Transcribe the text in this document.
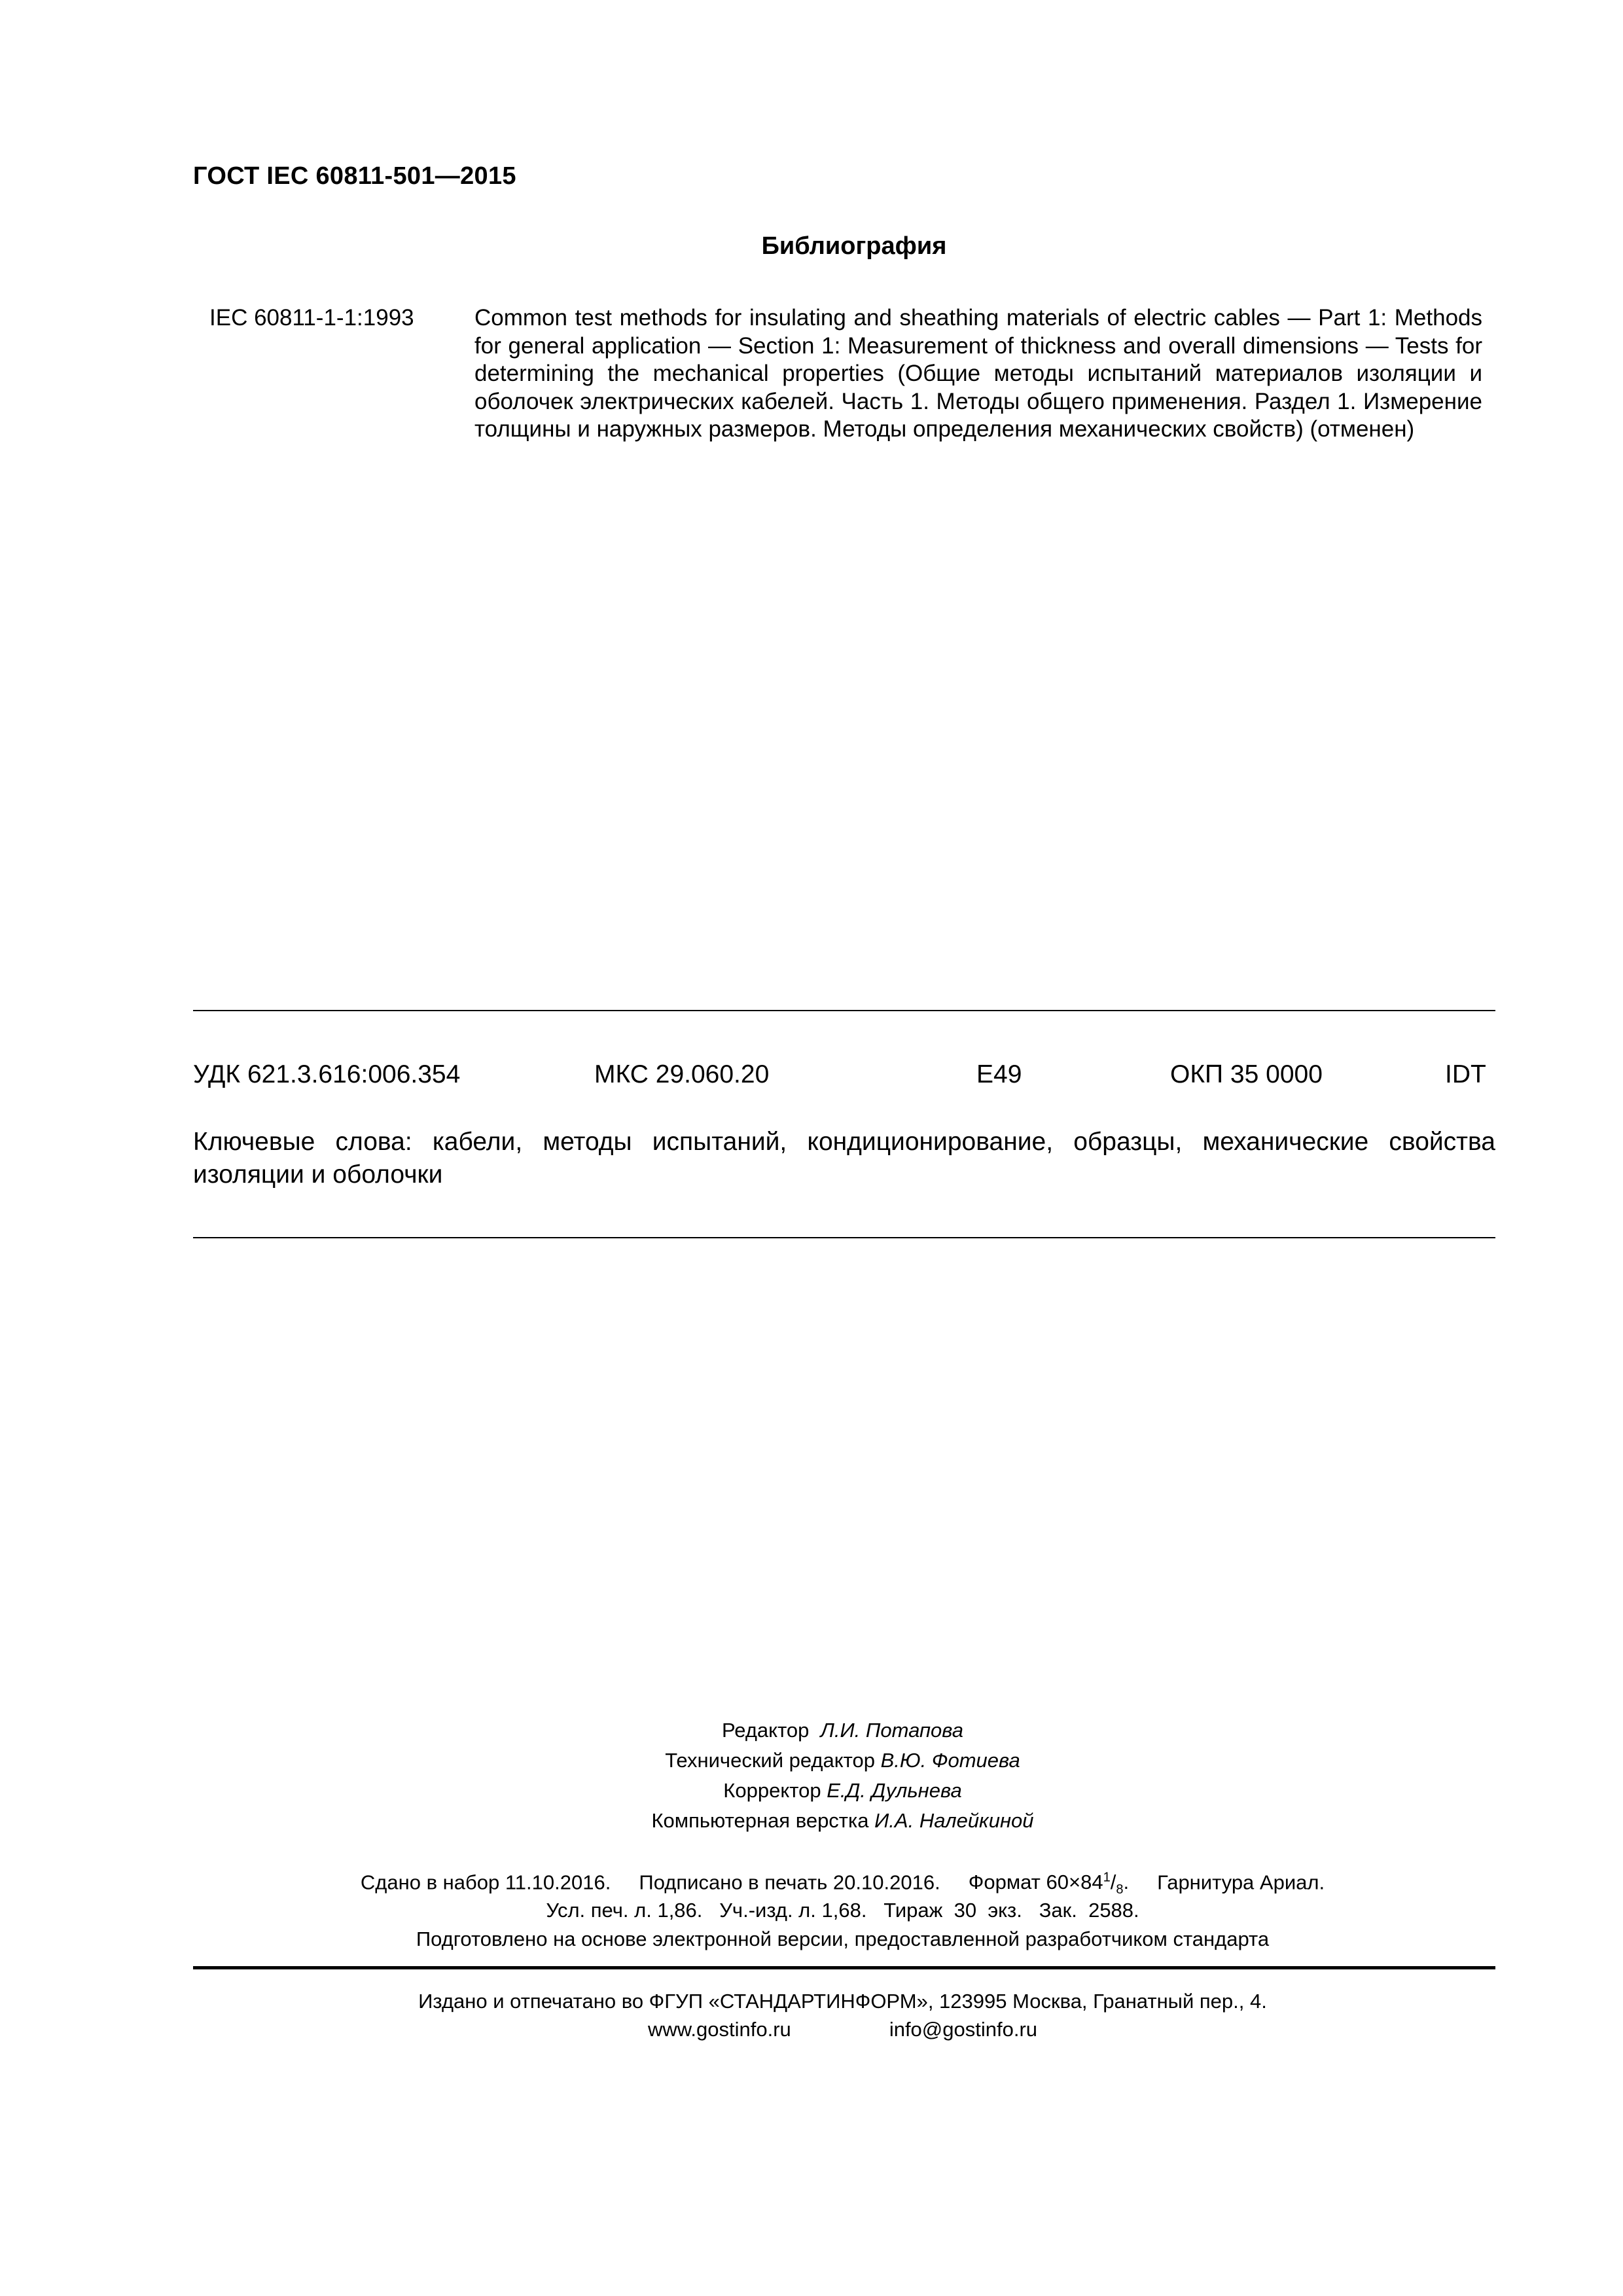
ГОСТ IEC 60811-501—2015
Библиография
IEC 60811-1-1:1993	Common test methods for insulating and sheathing materials of electric cables — Part 1: Methods for general application — Section 1: Measurement of thickness and overall dimensions — Tests for determining the mechanical properties (Общие методы испытаний материалов изоляции и оболочек электрических кабелей. Часть 1. Методы общего применения. Раздел 1. Измерение толщины и наружных размеров. Методы определения механических свойств) (отменен)
УДК 621.3.616:006.354	МКС 29.060.20	Е49	ОКП 35 0000	IDT
Ключевые слова: кабели, методы испытаний, кондиционирование, образцы, механические свойства изоляции и оболочки
Редактор Л.И. Потапова
Технический редактор В.Ю. Фотиева
Корректор Е.Д. Дульнева
Компьютерная верстка И.А. Налейкиной
Сдано в набор 11.10.2016. Подписано в печать 20.10.2016. Формат $60\times 84^1/_8$. Гарнитура Ариал.
Усл. печ. л. 1,86.   Уч.-изд. л. 1,68.   Тираж  30  экз.   Зак.  2588.
Подготовлено на основе электронной версии, предоставленной разработчиком стандарта
Издано и отпечатано во ФГУП «СТАНДАРТИНФОРМ», 123995 Москва, Гранатный пер., 4.
www.gostinfo.ru	info@gostinfo.ru
